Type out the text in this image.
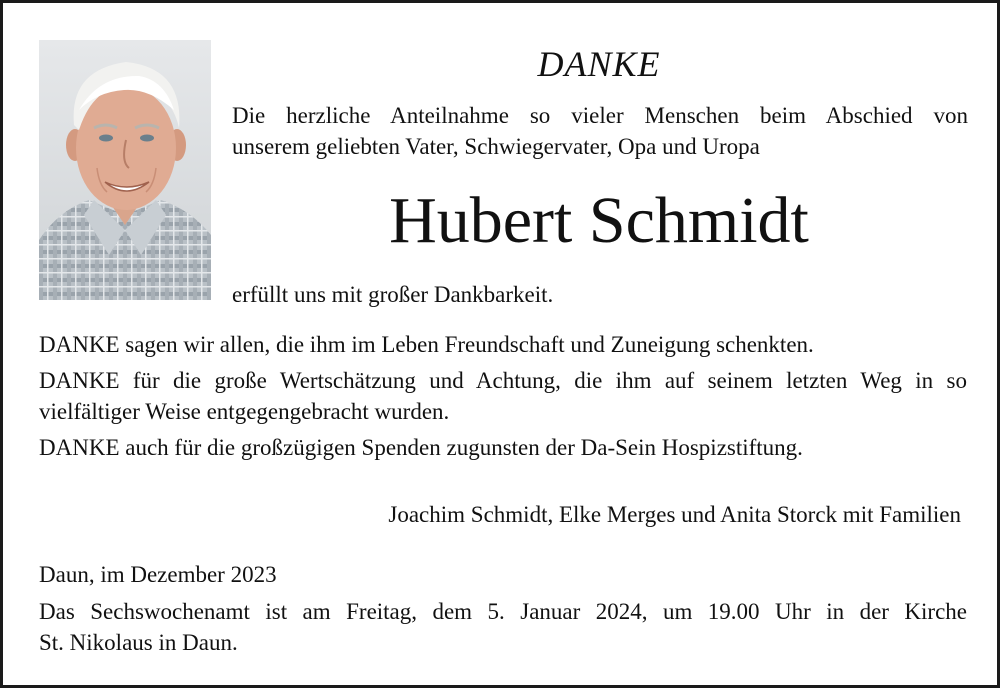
DANKE
Die herzliche Anteilnahme so vieler Menschen beim Abschied von
unserem geliebten Vater, Schwiegervater, Opa und Uropa
Hubert Schmidt
erfüllt uns mit großer Dankbarkeit.

DANKE sagen wir allen, die ihm im Leben Freundschaft und Zuneigung schenkten.

DANKE für die große Wertschätzung und Achtung, die ihm auf seinem letzten Weg in so
vielfältiger Weise entgegengebracht wurden.

DANKE auch für die großzügigen Spenden zugunsten der Da-Sein Hospizstiftung.

Joachim Schmidt, Elke Merges und Anita Storck mit Familien
Daun, im Dezember 2023
Das Sechswochenamt ist am Freitag, dem 5. Januar 2024, um 19.00 Uhr in der Kirche
St. Nikolaus in Daun.
